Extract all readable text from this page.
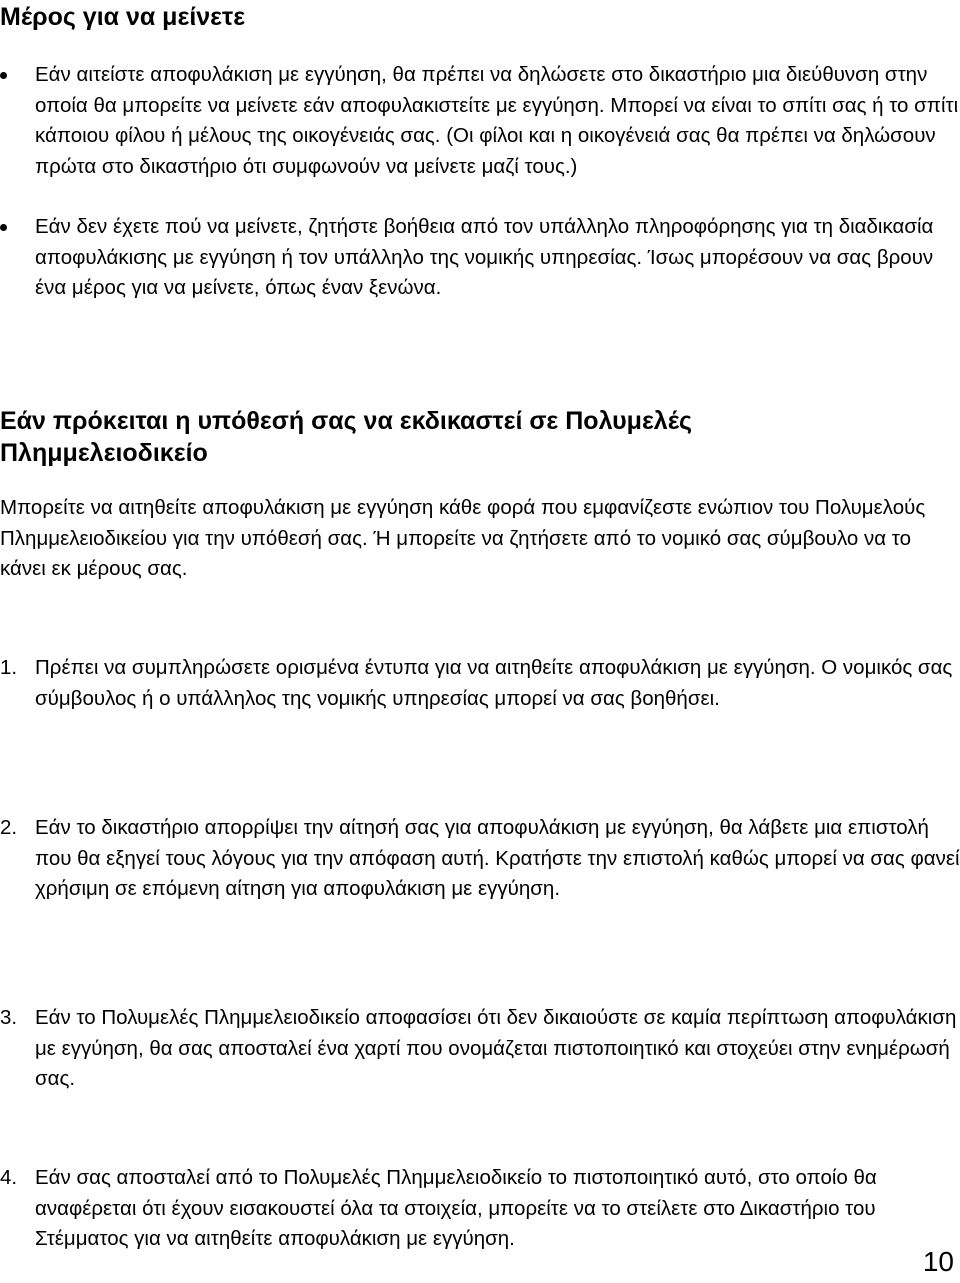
Μέρος για να μείνετε
Εάν αιτείστε αποφυλάκιση με εγγύηση, θα πρέπει να δηλώσετε στο δικαστήριο μια διεύθυνση στην οποία θα μπορείτε να μείνετε εάν αποφυλακιστείτε με εγγύηση. Μπορεί να είναι το σπίτι σας ή το σπίτι κάποιου φίλου ή μέλους της οικογένειάς σας. (Οι φίλοι και η οικογένειά σας θα πρέπει να δηλώσουν πρώτα στο δικαστήριο ότι συμφωνούν να μείνετε μαζί τους.)
Εάν δεν έχετε πού να μείνετε, ζητήστε βοήθεια από τον υπάλληλο πληροφόρησης για τη διαδικασία αποφυλάκισης με εγγύηση ή τον υπάλληλο της νομικής υπηρεσίας. Ίσως μπορέσουν να σας βρουν ένα μέρος για να μείνετε, όπως έναν ξενώνα.
Εάν πρόκειται η υπόθεσή σας να εκδικαστεί σε Πολυμελές Πλημμελειοδικείο

Μπορείτε να αιτηθείτε αποφυλάκιση με εγγύηση κάθε φορά που εμφανίζεστε ενώπιον του Πολυμελούς Πλημμελειοδικείου για την υπόθεσή σας. Ή μπορείτε να ζητήσετε από το νομικό σας σύμβουλο να το κάνει εκ μέρους σας.

1. Πρέπει να συμπληρώσετε ορισμένα έντυπα για να αιτηθείτε αποφυλάκιση με εγγύηση. Ο νομικός σας σύμβουλος ή ο υπάλληλος της νομικής υπηρεσίας μπορεί να σας βοηθήσει.
2. Εάν το δικαστήριο απορρίψει την αίτησή σας για αποφυλάκιση με εγγύηση, θα λάβετε μια επιστολή που θα εξηγεί τους λόγους για την απόφαση αυτή. Κρατήστε την επιστολή καθώς μπορεί να σας φανεί χρήσιμη σε επόμενη αίτηση για αποφυλάκιση με εγγύηση.
3. Εάν το Πολυμελές Πλημμελειοδικείο αποφασίσει ότι δεν δικαιούστε σε καμία περίπτωση αποφυλάκιση με εγγύηση, θα σας αποσταλεί ένα χαρτί που ονομάζεται πιστοποιητικό και στοχεύει στην ενημέρωσή σας.
4. Εάν σας αποσταλεί από το Πολυμελές Πλημμελειοδικείο το πιστοποιητικό αυτό, στο οποίο θα αναφέρεται ότι έχουν εισακουστεί όλα τα στοιχεία, μπορείτε να το στείλετε στο Δικαστήριο του Στέμματος για να αιτηθείτε αποφυλάκιση με εγγύηση.
10
